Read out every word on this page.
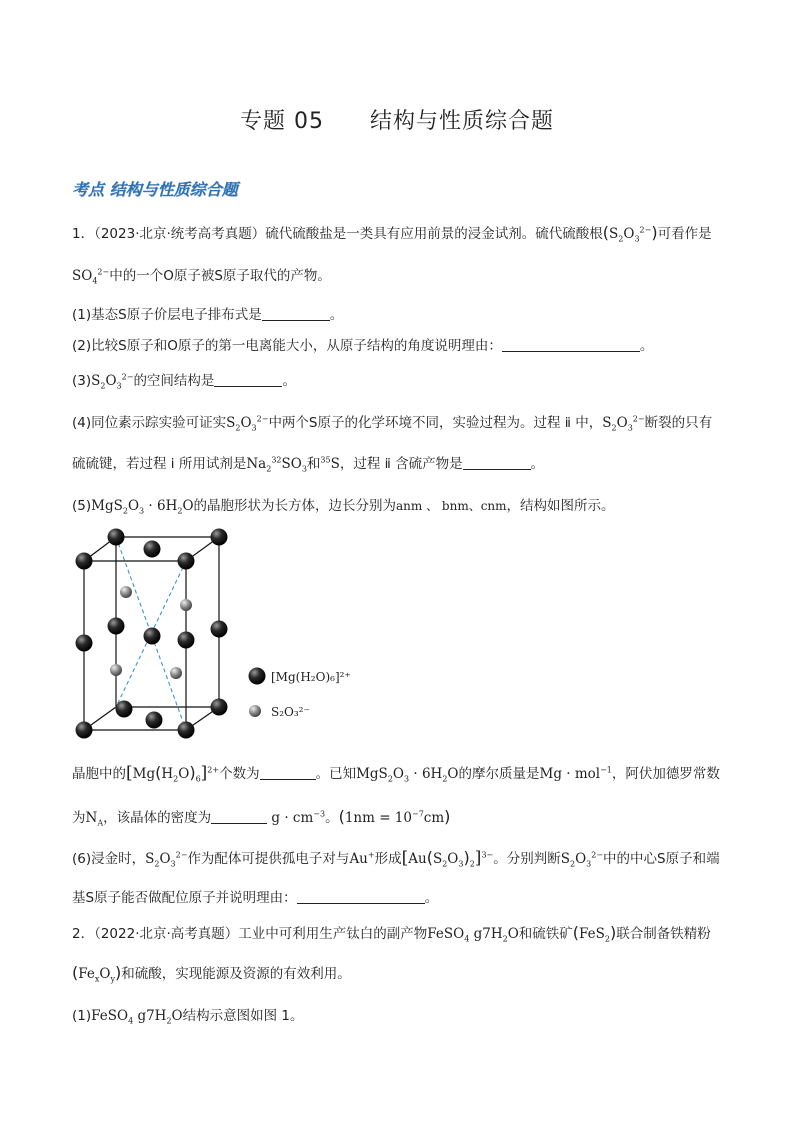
专题 05　　结构与性质综合题
考点 结构与性质综合题
1．（2023·北京·统考高考真题）硫代硫酸盐是一类具有应用前景的浸金试剂。硫代硫酸根$(S_2O_3^{2-})$可看作是
$SO_4^{2-}$中的一个O原子被S原子取代的产物。
(1)基态S原子价层电子排布式是	。
(2)比较S原子和O原子的第一电离能大小，从原子结构的角度说明理由：	。
$(3)S_2O_3^{2-}$的空间结构是	。
(4)同位素示踪实验可证实$S_2O_3^{2-}$中两个S原子的化学环境不同，实验过程为。过程 ⅱ 中，$S_2O_3^{2-}$断裂的只有
硫硫键，若过程 ⅰ 所用试剂是$Na_2^{32}SO_3$和$^{35}$S，过程 ⅱ 含硫产物是	。
$(5)MgS_2O_3 \cdot 6H_2O$的晶胞形状为长方体，边长分别为anm 、 bnm、cnm，结构如图所示。
[Mg(H₂O)₆]²⁺
S₂O₃²⁻
晶胞中的$[Mg(H_2O)_6]^{2+}$个数为	。已知$MgS_2O_3 \cdot 6H_2O$的摩尔质量是Mg · mol$^{-1}$，阿伏加德罗常数
为$N_A$，该晶体的密度为	$g \cdot cm^{-3}$。$(1nm = 10^{-7}cm)$
(6)浸金时，$S_2O_3^{2-}$作为配体可提供孤电子对与Au+形成$[Au(S_2O_3)_2]^{3-}$。分别判断$S_2O_3^{2-}$中的中心S原子和端
基S原子能否做配位原子并说明理由：	。
2．（2022·北京·高考真题）工业中可利用生产钛白的副产物FeSO$_4$ $g7H_2O$和硫铁矿(FeS$_2$)联合制备铁精粉
$(Fe_xO_y)$和硫酸，实现能源及资源的有效利用。
(1)FeSO$_4$ $g7H_2O$结构示意图如图 1。
